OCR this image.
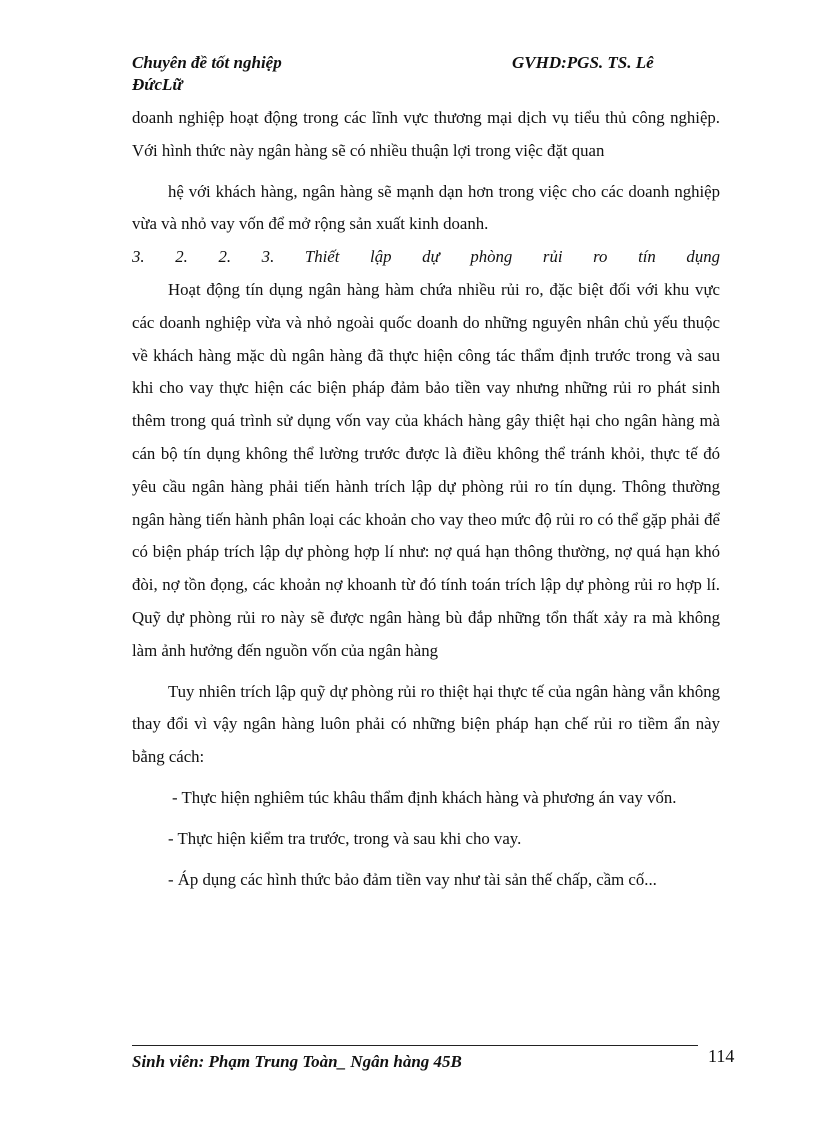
Chuyên đề tốt nghiệp	GVHD:PGS. TS. Lê
ĐứcLữ

doanh nghiệp hoạt động trong các lĩnh vực thương mại dịch vụ tiểu thủ công nghiệp. Với hình thức này ngân hàng sẽ có nhiều thuận lợi trong việc đặt quan

hệ với khách hàng, ngân hàng sẽ mạnh dạn hơn trong việc cho các doanh nghiệp vừa và nhỏ vay vốn để mở rộng sản xuất kinh doanh.

3. 2. 2. 3. Thiết lập dự phòng rủi ro tín dụng

Hoạt động tín dụng ngân hàng hàm chứa nhiều rủi ro, đặc biệt đối với khu vực các doanh nghiệp vừa và nhỏ ngoài quốc doanh do những nguyên nhân chủ yếu thuộc về khách hàng mặc dù ngân hàng đã thực hiện công tác thẩm định trước trong và sau khi cho vay thực hiện các biện pháp đảm bảo tiền vay nhưng những rủi ro phát sinh thêm trong quá trình sử dụng vốn vay của khách hàng gây thiệt hại cho ngân hàng mà cán bộ tín dụng không thể lường trước được là điều không thể tránh khỏi, thực tế đó yêu cầu ngân hàng phải tiến hành trích lập dự phòng rủi ro tín dụng. Thông thường ngân hàng tiến hành phân loại các khoản cho vay theo mức độ rủi ro có thể gặp phải để có biện pháp trích lập dự phòng hợp lí như: nợ quá hạn thông thường, nợ quá hạn khó đòi, nợ tồn đọng, các khoản nợ khoanh từ đó tính toán trích lập dự phòng rủi ro hợp lí. Quỹ dự phòng rủi ro này sẽ được ngân hàng bù đắp những tổn thất xảy ra mà không làm ảnh hưởng đến nguồn vốn của ngân hàng

Tuy nhiên trích lập quỹ dự phòng rủi ro thiệt hại thực tế của ngân hàng vẫn không thay đổi vì vậy ngân hàng luôn phải có những biện pháp hạn chế rủi ro tiềm ẩn này bằng cách:

- Thực hiện nghiêm túc khâu thẩm định khách hàng và phương án vay vốn.

- Thực hiện kiểm tra trước, trong và sau khi cho vay.

- Áp dụng các hình thức bảo đảm tiền vay như tài sản thế chấp, cầm cố...

Sinh viên: Phạm Trung Toàn_ Ngân hàng 45B	114
